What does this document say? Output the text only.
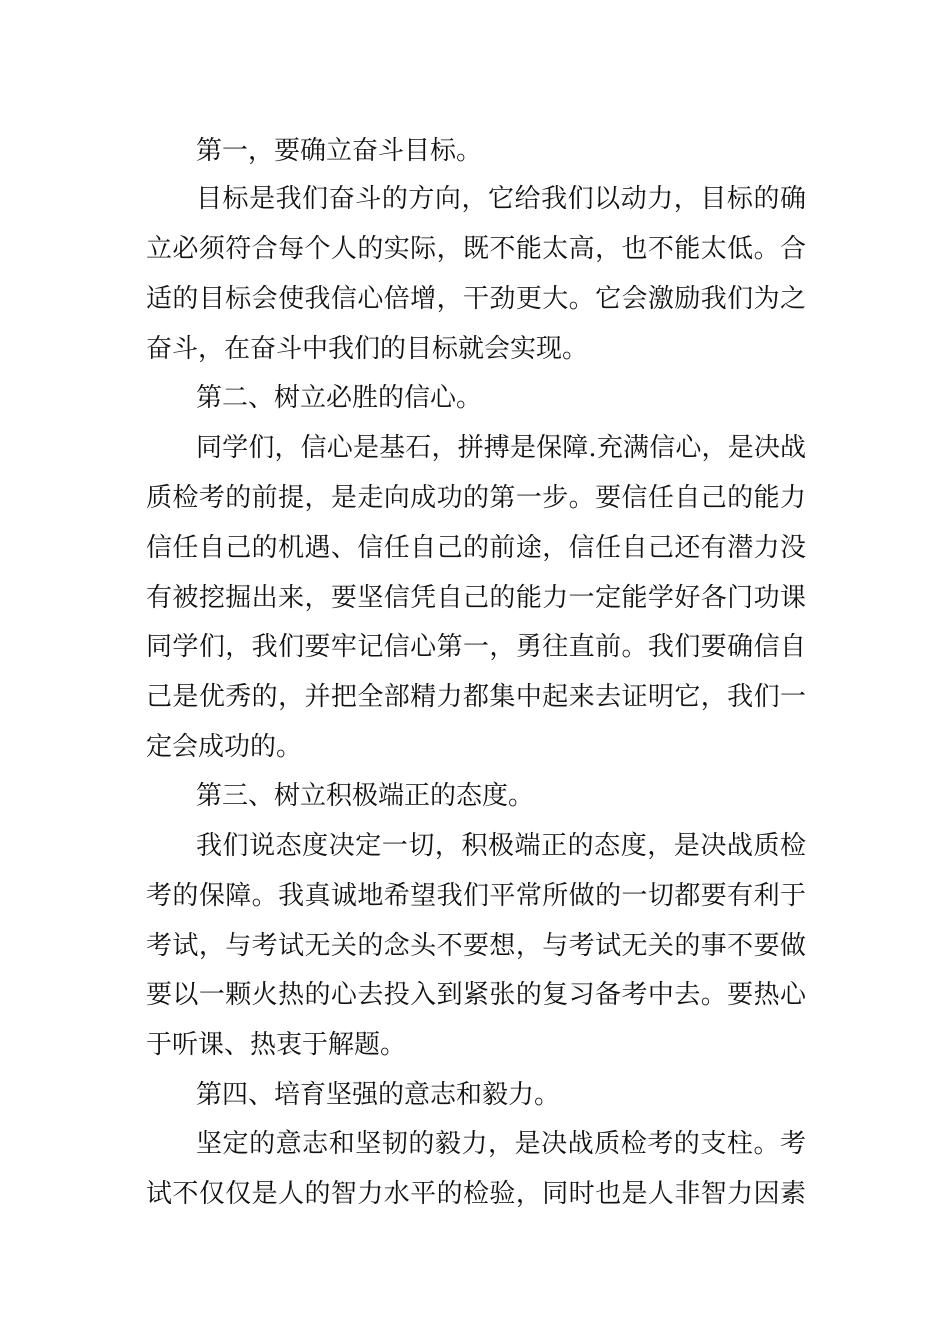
第一，要确立奋斗目标。
目标是我们奋斗的方向，它给我们以动力，目标的确
立必须符合每个人的实际，既不能太高，也不能太低。合
适的目标会使我信心倍增，干劲更大。它会激励我们为之
奋斗，在奋斗中我们的目标就会实现。
第二、树立必胜的信心。
同学们，信心是基石，拼搏是保障.充满信心，是决战
质检考的前提，是走向成功的第一步。要信任自己的能力
信任自己的机遇、信任自己的前途，信任自己还有潜力没
有被挖掘出来，要坚信凭自己的能力一定能学好各门功课
同学们，我们要牢记信心第一，勇往直前。我们要确信自
己是优秀的，并把全部精力都集中起来去证明它，我们一
定会成功的。
第三、树立积极端正的态度。
我们说态度决定一切，积极端正的态度，是决战质检
考的保障。我真诚地希望我们平常所做的一切都要有利于
考试，与考试无关的念头不要想，与考试无关的事不要做
要以一颗火热的心去投入到紧张的复习备考中去。要热心
于听课、热衷于解题。
第四、培育坚强的意志和毅力。
坚定的意志和坚韧的毅力，是决战质检考的支柱。考
试不仅仅是人的智力水平的检验，同时也是人非智力因素
